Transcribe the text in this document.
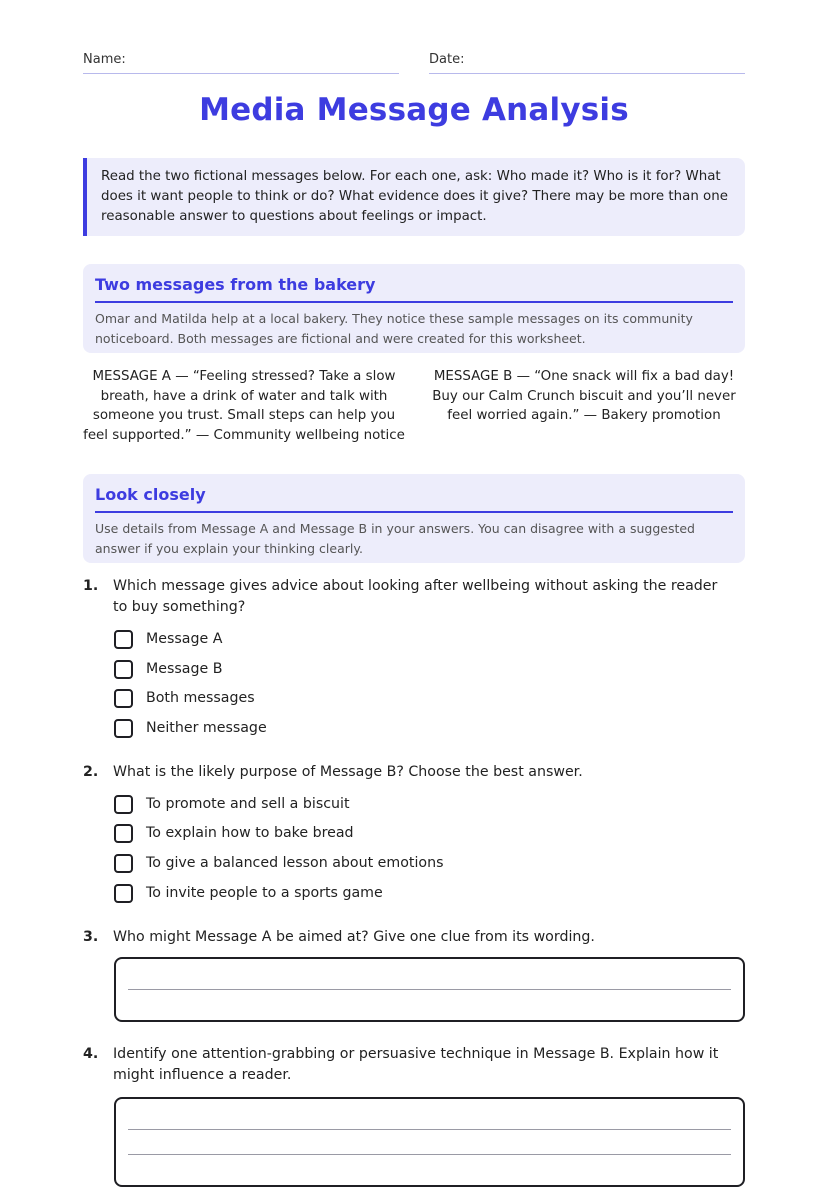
Name:	Date:
Media Message Analysis
Read the two fictional messages below. For each one, ask: Who made it? Who is it for? What does it want people to think or do? What evidence does it give? There may be more than one reasonable answer to questions about feelings or impact.
Two messages from the bakery

Omar and Matilda help at a local bakery. They notice these sample messages on its community noticeboard. Both messages are fictional and were created for this worksheet.

MESSAGE A — “Feeling stressed? Take a slow breath, have a drink of water and talk with someone you trust. Small steps can help you feel supported.” — Community wellbeing notice
MESSAGE B — “One snack will fix a bad day! Buy our Calm Crunch biscuit and you’ll never feel worried again.” — Bakery promotion
Look closely

Use details from Message A and Message B in your answers. You can disagree with a suggested answer if you explain your thinking clearly.

1.	Which message gives advice about looking after wellbeing without asking the reader to buy something?
Message A
Message B
Both messages
Neither message
2.	What is the likely purpose of Message B? Choose the best answer.
To promote and sell a biscuit
To explain how to bake bread
To give a balanced lesson about emotions
To invite people to a sports game
3.	Who might Message A be aimed at? Give one clue from its wording.
4.	Identify one attention-grabbing or persuasive technique in Message B. Explain how it might influence a reader.
